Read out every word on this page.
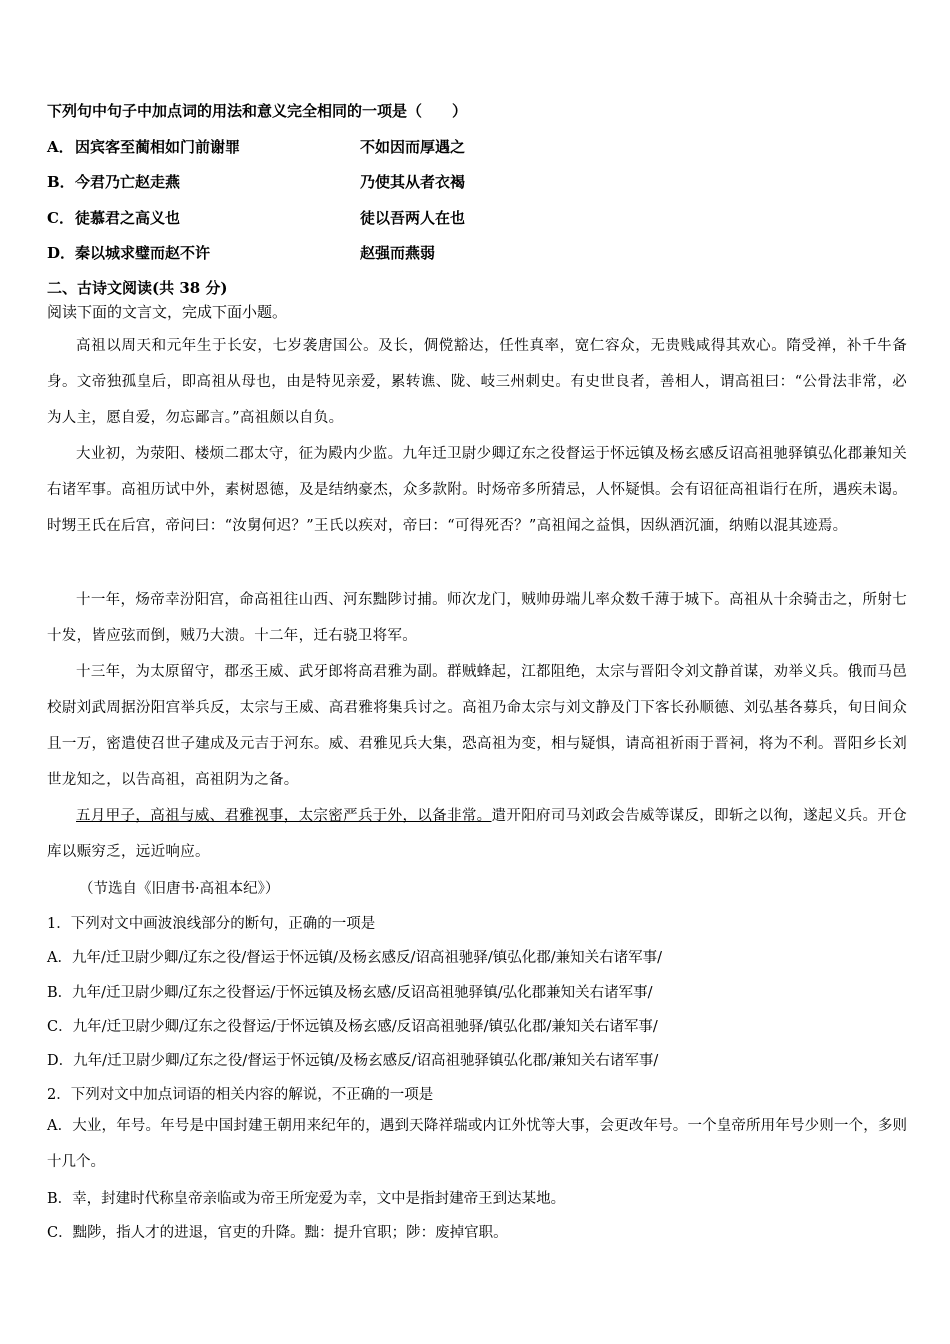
下列句中句子中加点词的用法和意义完全相同的一项是（　　）
A． 因宾客至蔺相如门前谢罪	不如因而厚遇之
B． 今君乃亡赵走燕	乃使其从者衣褐
C． 徒慕君之高义也	徒以吾两人在也
D． 秦以城求璧而赵不许	赵强而燕弱
二、古诗文阅读(共 38 分)
阅读下面的文言文，完成下面小题。
高祖以周天和元年生于长安，七岁袭唐国公。及长，倜傥豁达，任性真率，宽仁容众，无贵贱咸得其欢心。隋受禅，补千牛备身。文帝独孤皇后，即高祖从母也，由是特见亲爱，累转谯、陇、岐三州刺史。有史世良者，善相人，谓高祖曰：“公骨法非常，必为人主，愿自爱，勿忘鄙言。”高祖颇以自负。
大业初，为荥阳、楼烦二郡太守，征为殿内少监。九年迁卫尉少卿辽东之役督运于怀远镇及杨玄感反诏高祖驰驿镇弘化郡兼知关右诸军事。高祖历试中外，素树恩德，及是结纳豪杰，众多款附。时炀帝多所猜忌，人怀疑惧。会有诏征高祖诣行在所，遇疾未谒。时甥王氏在后宫，帝问曰：“汝舅何迟？”王氏以疾对，帝曰：“可得死否？”高祖闻之益惧，因纵酒沉湎，纳贿以混其迹焉。
十一年，炀帝幸汾阳宫，命高祖往山西、河东黜陟讨捕。师次龙门，贼帅毋端儿率众数千薄于城下。高祖从十余骑击之，所射七十发，皆应弦而倒，贼乃大溃。十二年，迁右骁卫将军。
十三年，为太原留守，郡丞王威、武牙郎将高君雅为副。群贼蜂起，江都阻绝，太宗与晋阳令刘文静首谋，劝举义兵。俄而马邑校尉刘武周据汾阳宫举兵反，太宗与王威、高君雅将集兵讨之。高祖乃命太宗与刘文静及门下客长孙顺德、刘弘基各募兵，旬日间众且一万，密遣使召世子建成及元吉于河东。威、君雅见兵大集，恐高祖为变，相与疑惧，请高祖祈雨于晋祠，将为不利。晋阳乡长刘世龙知之，以告高祖，高祖阴为之备。
五月甲子，高祖与威、君雅视事，太宗密严兵于外，以备非常。遣开阳府司马刘政会告威等谋反，即斩之以徇，遂起义兵。开仓库以赈穷乏，远近响应。
（节选自《旧唐书·高祖本纪》）
1．下列对文中画波浪线部分的断句，正确的一项是
A．九年/迁卫尉少卿/辽东之役/督运于怀远镇/及杨玄感反/诏高祖驰驿/镇弘化郡/兼知关右诸军事/
B．九年/迁卫尉少卿/辽东之役督运/于怀远镇及杨玄感/反诏高祖驰驿镇/弘化郡兼知关右诸军事/
C．九年/迁卫尉少卿/辽东之役督运/于怀远镇及杨玄感/反诏高祖驰驿/镇弘化郡/兼知关右诸军事/
D．九年/迁卫尉少卿/辽东之役/督运于怀远镇/及杨玄感反/诏高祖驰驿镇弘化郡/兼知关右诸军事/
2．下列对文中加点词语的相关内容的解说，不正确的一项是
A．大业，年号。年号是中国封建王朝用来纪年的，遇到天降祥瑞或内讧外忧等大事，会更改年号。一个皇帝所用年号少则一个，多则十几个。
B．幸，封建时代称皇帝亲临或为帝王所宠爱为幸，文中是指封建帝王到达某地。
C．黜陟，指人才的进退，官吏的升降。黜：提升官职；陟：废掉官职。
